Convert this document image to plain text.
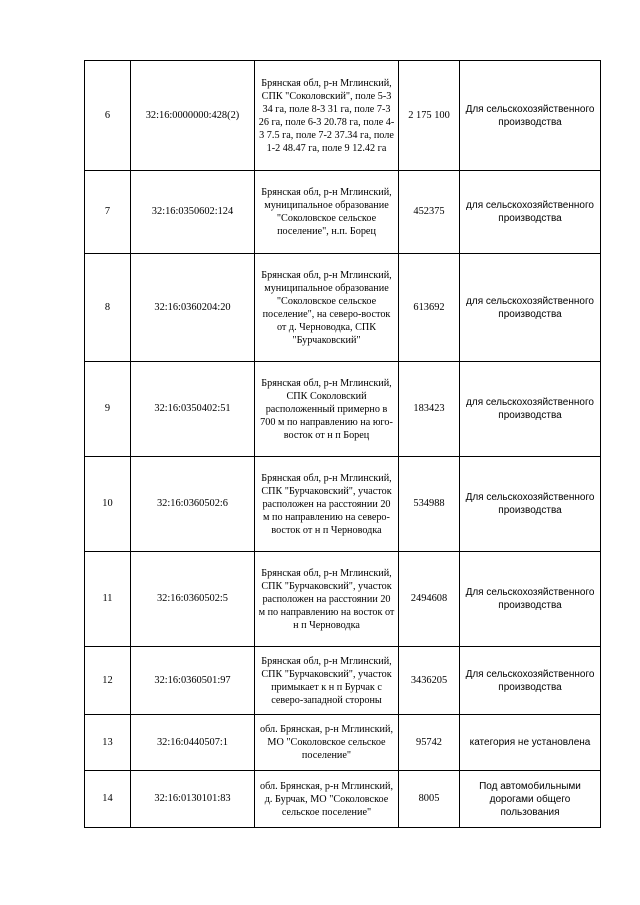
6	32:16:0000000:428(2)	Брянская обл, р-н Мглинский, СПК "Соколовский", поле 5-3 34 га, поле 8-3 31 га, поле 7-3 26 га, поле 6-3 20.78 га, поле 4-3 7.5 га, поле 7-2 37.34 га, поле 1-2 48.47 га, поле 9 12.42 га	2 175 100	Для сельскохозяйственного производства
7	32:16:0350602:124	Брянская обл, р-н Мглинский, муниципальное образование "Соколовское сельское поселение", н.п. Борец	452375	для сельскохозяйственного производства
8	32:16:0360204:20	Брянская обл, р-н Мглинский, муниципальное образование "Соколовское сельское поселение", на северо-восток от д. Черноводка, СПК "Бурчаковский"	613692	для сельскохозяйственного производства
9	32:16:0350402:51	Брянская обл, р-н Мглинский, СПК Соколовский расположенный примерно в 700 м по направлению на юго-восток от н п Борец	183423	для сельскохозяйственного производства
10	32:16:0360502:6	Брянская обл, р-н Мглинский, СПК "Бурчаковский", участок расположен на расстоянии 20 м по направлению на северо-восток от н п Черноводка	534988	Для сельскохозяйственного производства
11	32:16:0360502:5	Брянская обл, р-н Мглинский, СПК "Бурчаковский", участок расположен на расстоянии 20 м по направлению на восток от н п Черноводка	2494608	Для сельскохозяйственного производства
12	32:16:0360501:97	Брянская обл, р-н Мглинский, СПК "Бурчаковский", участок примыкает к н п Бурчак с северо-западной стороны	3436205	Для сельскохозяйственного производства
13	32:16:0440507:1	обл. Брянская, р-н Мглинский, МО "Соколовское сельское поселение"	95742	категория не установлена
14	32:16:0130101:83	обл. Брянская, р-н Мглинский, д. Бурчак, МО "Соколовское сельское поселение"	8005	Под автомобильными дорогами общего пользования
